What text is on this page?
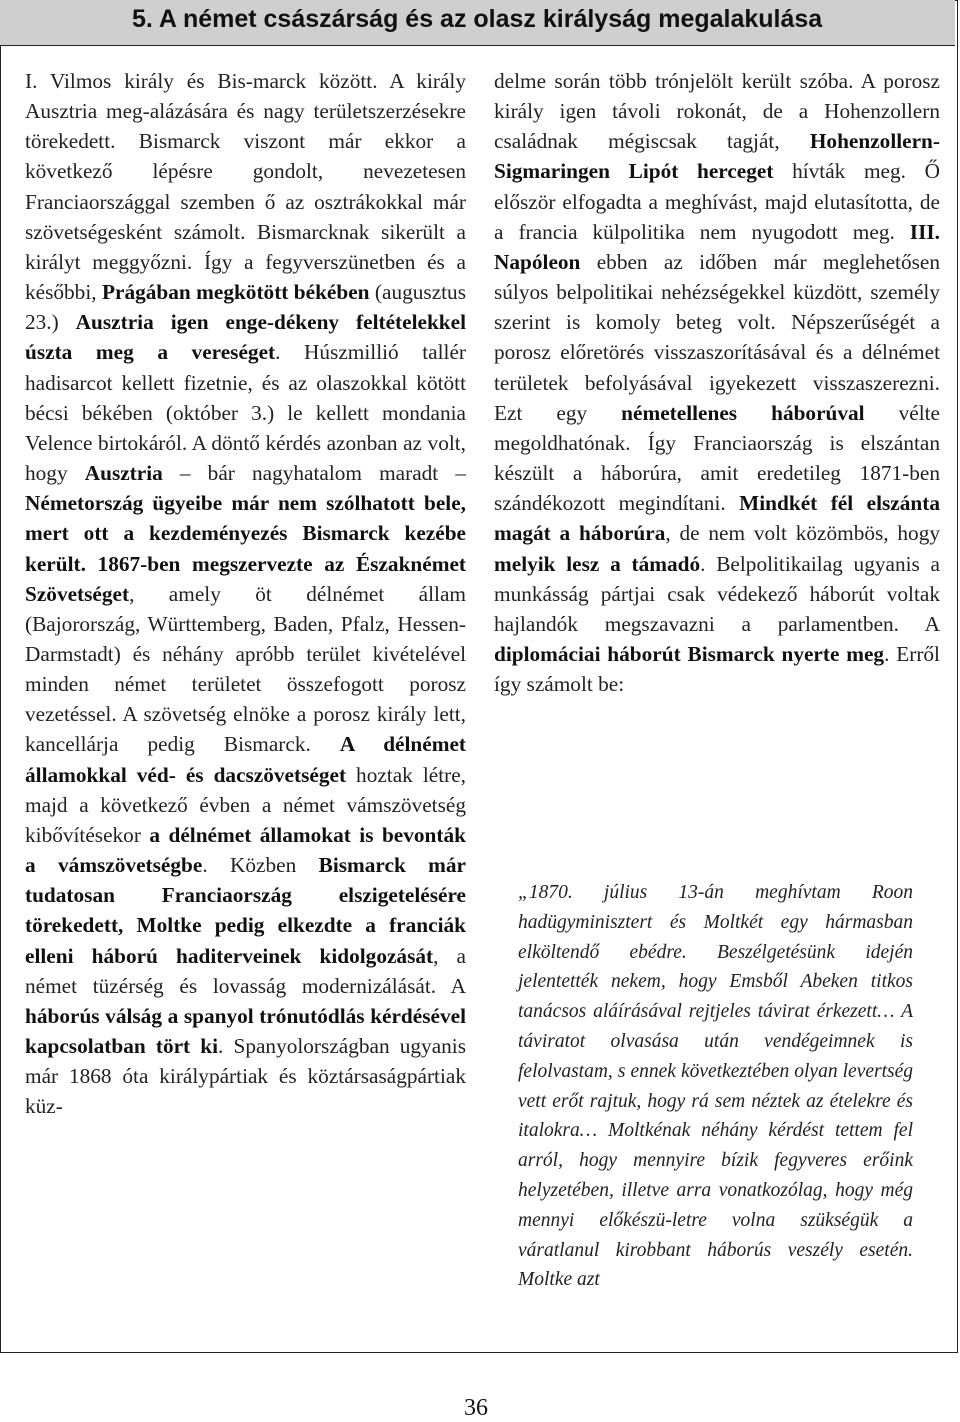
5. A német császárság és az olasz királyság megalakulása
I. Vilmos király és Bis-marck között. A király Ausztria meg-alázására és nagy területszerzésekre törekedett. Bismarck viszont már ekkor a következő lépésre gondolt, nevezetesen Franciaországgal szemben ő az osztrákokkal már szövetségesként számolt. Bismarcknak sikerült a királyt meggyőzni. Így a fegyverszünetben és a későbbi, Prágában megkötött békében (augusztus 23.) Ausztria igen enge-dékeny feltételekkel úszta meg a vereséget. Húszmillió tallér hadisarcot kellett fizetnie, és az olaszokkal kötött bécsi békében (október 3.) le kellett mondania Velence birtokáról. A döntő kérdés azonban az volt, hogy Ausztria – bár nagyhatalom maradt – Németország ügyeibe már nem szólhatott bele, mert ott a kezdeményezés Bismarck kezébe került. 1867-ben megszervezte az Északnémet Szövetséget, amely öt délnémet állam (Bajorország, Württemberg, Baden, Pfalz, Hessen-Darmstadt) és néhány apróbb terület kivételével minden német területet összefogott porosz vezetéssel. A szövetség elnöke a porosz király lett, kancellárja pedig Bismarck. A délnémet államokkal véd- és dacszövetséget hoztak létre, majd a következő évben a német vámszövetség kibővítésekor a délnémet államokat is bevonták a vámszövetségbe. Közben Bismarck már tudatosan Franciaország elszigetelésére törekedett, Moltke pedig elkezdte a franciák elleni háború haditerveinek kidolgozását, a német tüzérség és lovasság modernizálását. A háborús válság a spanyol trónutódlás kérdésével kapcsolatban tört ki. Spanyolországban ugyanis már 1868 óta királypártiak és köztársaságpártiak küz-
delme során több trónjelölt került szóba. A porosz király igen távoli rokonát, de a Hohenzollern családnak mégiscsak tagját, Hohenzollern-Sigmaringen Lipót herceget hívták meg. Ő először elfogadta a meghívást, majd elutasította, de a francia külpolitika nem nyugodott meg. III. Napóleon ebben az időben már meglehetősen súlyos belpolitikai nehézségekkel küzdött, személy szerint is komoly beteg volt. Népszerűségét a porosz előretörés visszaszorításával és a délnémet területek befolyásával igyekezett visszaszerezni. Ezt egy németellenes háborúval vélte megoldhatónak. Így Franciaország is elszántan készült a háborúra, amit eredetileg 1871-ben szándékozott megindítani. Mindkét fél elszánta magát a háborúra, de nem volt közömbös, hogy melyik lesz a támadó. Belpolitikailag ugyanis a munkásság pártjai csak védekező háborút voltak hajlandók megszavazni a parlamentben. A diplomáciai háborút Bismarck nyerte meg. Erről így számolt be:
„1870. július 13-án meghívtam Roon hadügyminisztert és Moltkét egy hármasban elköltendő ebédre. Beszélgetésünk idején jelentették nekem, hogy Emsből Abeken titkos tanácsos aláírásával rejtjeles távirat érkezett… A táviratot olvasása után vendégeimnek is felolvastam, s ennek következtében olyan levertség vett erőt rajtuk, hogy rá sem néztek az ételekre és italokra… Moltkénak néhány kérdést tettem fel arról, hogy mennyire bízik fegyveres erőink helyzetében, illetve arra vonatkozólag, hogy még mennyi előkészü-letre volna szükségük a váratlanul kirobbant háborús veszély esetén. Moltke azt
36
